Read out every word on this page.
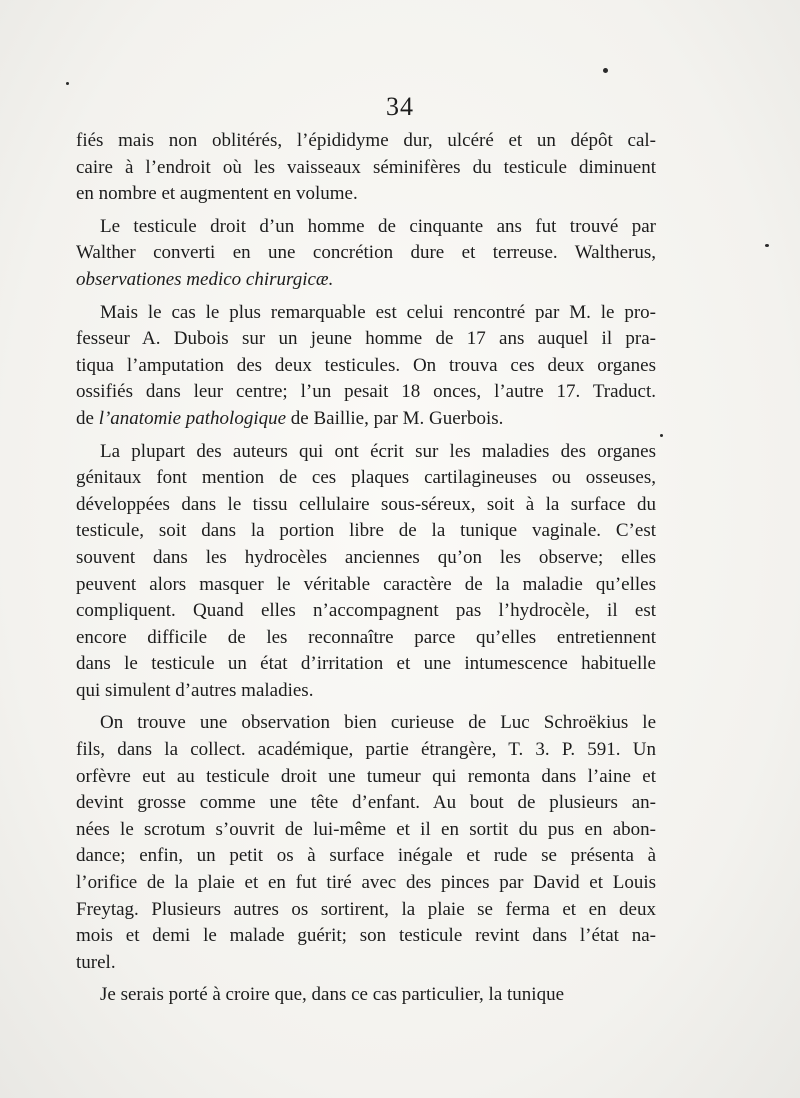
34
fiés mais non oblitérés, l’épididyme dur, ulcéré et un dépôt cal-
caire à l’endroit où les vaisseaux séminifères du testicule diminuent
en nombre et augmentent en volume.
Le testicule droit d’un homme de cinquante ans fut trouvé par
Walther converti en une concrétion dure et terreuse. Waltherus,
observationes medico chirurgicæ.
Mais le cas le plus remarquable est celui rencontré par M. le pro-
fesseur A. Dubois sur un jeune homme de 17 ans auquel il pra-
tiqua l’amputation des deux testicules. On trouva ces deux organes
ossifiés dans leur centre; l’un pesait 18 onces, l’autre 17. Traduct.
de l’anatomie pathologique de Baillie, par M. Guerbois.
La plupart des auteurs qui ont écrit sur les maladies des organes
génitaux font mention de ces plaques cartilagineuses ou osseuses,
développées dans le tissu cellulaire sous-séreux, soit à la surface du
testicule, soit dans la portion libre de la tunique vaginale. C’est
souvent dans les hydrocèles anciennes qu’on les observe; elles
peuvent alors masquer le véritable caractère de la maladie qu’elles
compliquent. Quand elles n’accompagnent pas l’hydrocèle, il est
encore difficile de les reconnaître parce qu’elles entretiennent
dans le testicule un état d’irritation et une intumescence habituelle
qui simulent d’autres maladies.
On trouve une observation bien curieuse de Luc Schroëkius le
fils, dans la collect. académique, partie étrangère, T. 3. P. 591. Un
orfèvre eut au testicule droit une tumeur qui remonta dans l’aine et
devint grosse comme une tête d’enfant. Au bout de plusieurs an-
nées le scrotum s’ouvrit de lui-même et il en sortit du pus en abon-
dance; enfin, un petit os à surface inégale et rude se présenta à
l’orifice de la plaie et en fut tiré avec des pinces par David et Louis
Freytag. Plusieurs autres os sortirent, la plaie se ferma et en deux
mois et demi le malade guérit; son testicule revint dans l’état na-
turel.
Je serais porté à croire que, dans ce cas particulier, la tunique
